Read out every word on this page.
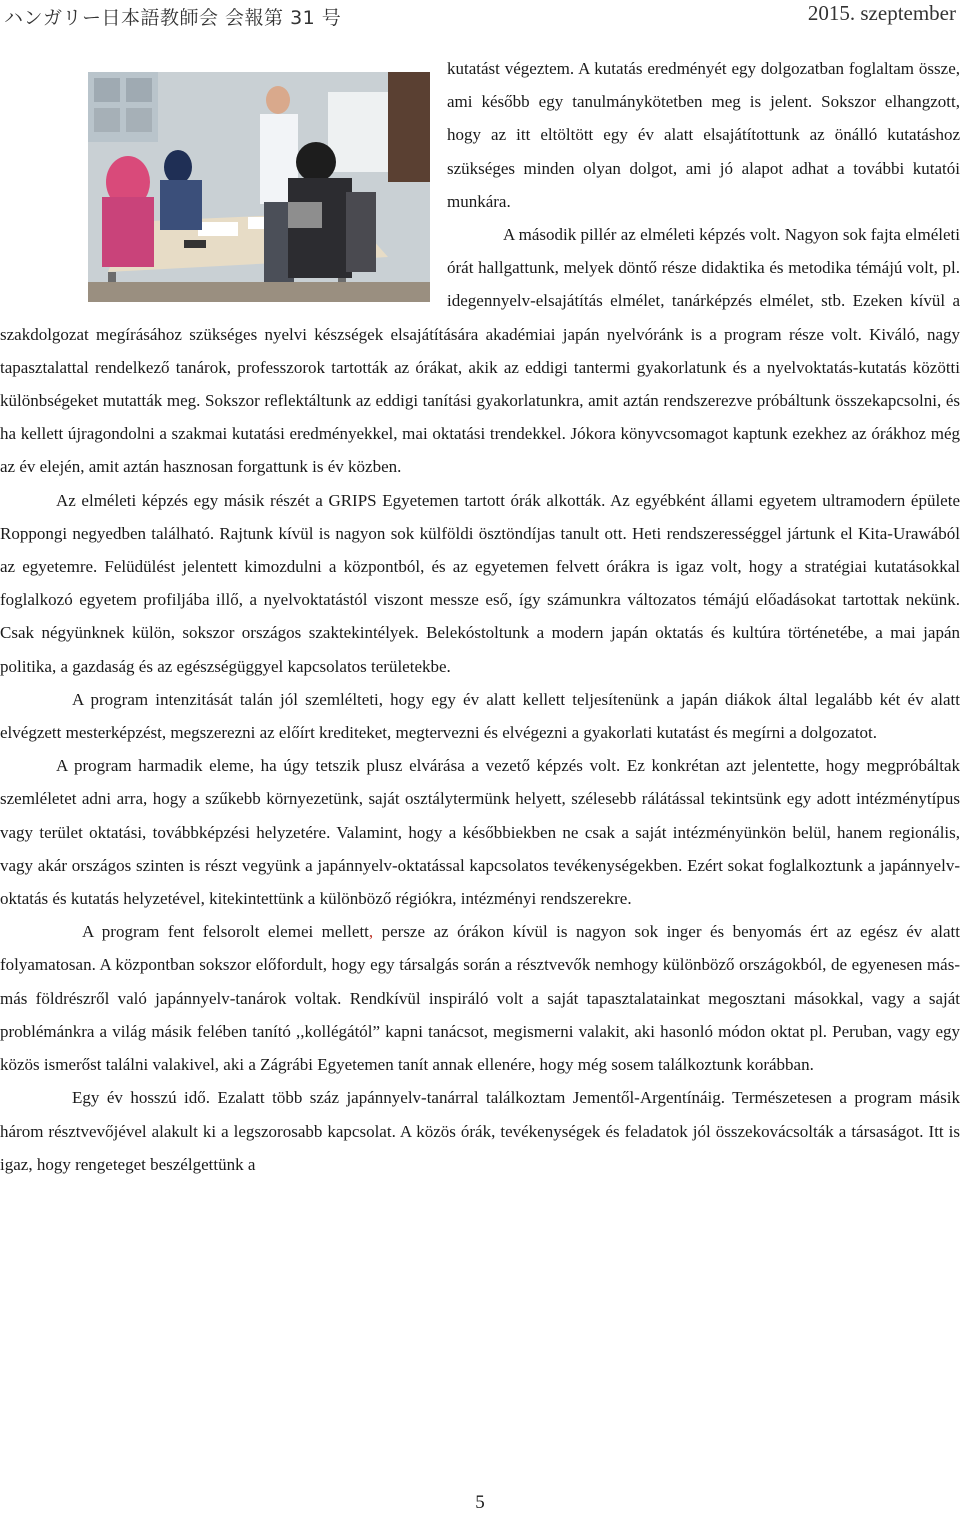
ハンガリー日本語教師会 会報第 31 号	2015. szeptember

kutatást végeztem. A kutatás eredményét egy dolgozatban foglaltam össze, ami később egy tanulmánykötetben meg is jelent. Sokszor elhangzott, hogy az itt eltöltött egy év alatt elsajátítottunk az önálló kutatáshoz szükséges minden olyan dolgot, ami jó alapot adhat a további kutatói munkára.

A második pillér az elméleti képzés volt. Nagyon sok fajta elméleti órát hallgattunk, melyek döntő része didaktika és metodika témájú volt, pl. idegennyelv-elsajátítás elmélet, tanárképzés elmélet, stb. Ezeken kívül a szakdolgozat megírásához szükséges nyelvi készségek elsajátítására akadémiai japán nyelvóránk is a program része volt. Kiváló, nagy tapasztalattal rendelkező tanárok, professzorok tartották az órákat, akik az eddigi tantermi gyakorlatunk és a nyelvoktatás-kutatás közötti különbségeket mutatták meg. Sokszor reflektáltunk az eddigi tanítási gyakorlatunkra, amit aztán rendszerezve próbáltunk összekapcsolni, és ha kellett újragondolni a szakmai kutatási eredményekkel, mai oktatási trendekkel. Jókora könyvcsomagot kaptunk ezekhez az órákhoz még az év elején, amit aztán hasznosan forgattunk is év közben.

Az elméleti képzés egy másik részét a GRIPS Egyetemen tartott órák alkották. Az egyébként állami egyetem ultramodern épülete Roppongi negyedben található. Rajtunk kívül is nagyon sok külföldi ösztöndíjas tanult ott. Heti rendszerességgel jártunk el Kita-Urawából az egyetemre. Felüdülést jelentett kimozdulni a központból, és az egyetemen felvett órákra is igaz volt, hogy a stratégiai kutatásokkal foglalkozó egyetem profiljába illő, a nyelvoktatástól viszont messze eső, így számunkra változatos témájú előadásokat tartottak nekünk. Csak négyünknek külön, sokszor országos szaktekintélyek. Belekóstoltunk a modern japán oktatás és kultúra történetébe, a mai japán politika, a gazdaság és az egészségüggyel kapcsolatos területekbe.

A program intenzitását talán jól szemlélteti, hogy egy év alatt kellett teljesítenünk a japán diákok által legalább két év alatt elvégzett mesterképzést, megszerezni az előírt krediteket, megtervezni és elvégezni a gyakorlati kutatást és megírni a dolgozatot.

A program harmadik eleme, ha úgy tetszik plusz elvárása a vezető képzés volt. Ez konkrétan azt jelentette, hogy megpróbáltak szemléletet adni arra, hogy a szűkebb környezetünk, saját osztálytermünk helyett, szélesebb rálátással tekintsünk egy adott intézménytípus vagy terület oktatási, továbbképzési helyzetére. Valamint, hogy a későbbiekben ne csak a saját intézményünkön belül, hanem regionális, vagy akár országos szinten is részt vegyünk a japánnyelv-oktatással kapcsolatos tevékenységekben. Ezért sokat foglalkoztunk a japánnyelv-oktatás és kutatás helyzetével, kitekintettünk a különböző régiókra, intézményi rendszerekre.

A program fent felsorolt elemei mellett, persze az órákon kívül is nagyon sok inger és benyomás ért az egész év alatt folyamatosan. A központban sokszor előfordult, hogy egy társalgás során a résztvevők nemhogy különböző országokból, de egyenesen más-más földrészről való japánnyelv-tanárok voltak. Rendkívül inspiráló volt a saját tapasztalatainkat megosztani másokkal, vagy a saját problémánkra a világ másik felében tanító ,,kollégától” kapni tanácsot, megismerni valakit, aki hasonló módon oktat pl. Peruban, vagy egy közös ismerőst találni valakivel, aki a Zágrábi Egyetemen tanít annak ellenére, hogy még sosem találkoztunk korábban.

Egy év hosszú idő. Ezalatt több száz japánnyelv-tanárral találkoztam Jementől-Argentínáig. Természetesen a program másik három résztvevőjével alakult ki a legszorosabb kapcsolat. A közös órák, tevékenységek és feladatok jól összekovácsolták a társaságot. Itt is igaz, hogy rengeteget beszélgettünk a

5
